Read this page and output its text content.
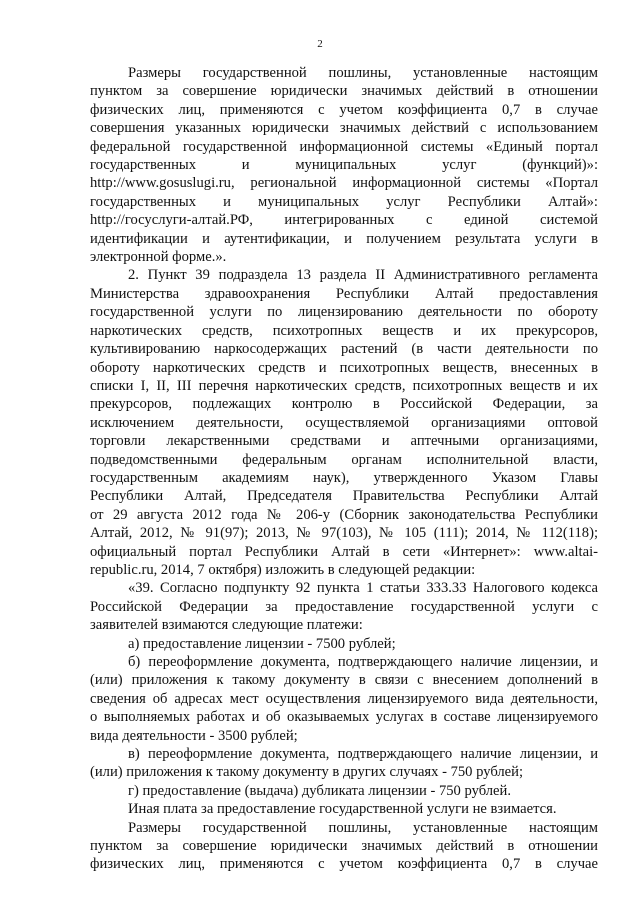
2

Размеры государственной пошлины, установленные настоящим

пунктом за совершение юридически значимых действий в отношении

физических лиц, применяются с учетом коэффициента 0,7 в случае

совершения указанных юридически значимых действий с использованием

федеральной государственной информационной системы «Единый портал

государственных и муниципальных услуг (функций)»:

http://www.gosuslugi.ru, региональной информационной системы «Портал

государственных и муниципальных услуг Республики Алтай»:

http://госуслуги-алтай.РФ, интегрированных с единой системой

идентификации и аутентификации, и получением результата услуги в

электронной форме.».

2. Пункт 39 подраздела 13 раздела II Административного регламента

Министерства здравоохранения Республики Алтай предоставления

государственной услуги по лицензированию деятельности по обороту

наркотических средств, психотропных веществ и их прекурсоров,

культивированию наркосодержащих растений (в части деятельности по

обороту наркотических средств и психотропных веществ, внесенных в

списки I, II, III перечня наркотических средств, психотропных веществ и их

прекурсоров, подлежащих контролю в Российской Федерации, за

исключением деятельности, осуществляемой организациями оптовой

торговли лекарственными средствами и аптечными организациями,

подведомственными федеральным органам исполнительной власти,

государственным академиям наук), утвержденного Указом Главы

Республики Алтай, Председателя Правительства Республики Алтай

от 29 августа 2012 года № 206-у (Сборник законодательства Республики

Алтай, 2012, № 91(97); 2013, № 97(103), № 105 (111); 2014, № 112(118);

официальный портал Республики Алтай в сети «Интернет»: www.altai-

republic.ru, 2014, 7 октября) изложить в следующей редакции:

«39. Согласно подпункту 92 пункта 1 статьи 333.33 Налогового кодекса

Российской Федерации за предоставление государственной услуги с

заявителей взимаются следующие платежи:

а) предоставление лицензии - 7500 рублей;

б) переоформление документа, подтверждающего наличие лицензии, и

(или) приложения к такому документу в связи с внесением дополнений в

сведения об адресах мест осуществления лицензируемого вида деятельности,

о выполняемых работах и об оказываемых услугах в составе лицензируемого

вида деятельности - 3500 рублей;

в) переоформление документа, подтверждающего наличие лицензии, и

(или) приложения к такому документу в других случаях - 750 рублей;

г) предоставление (выдача) дубликата лицензии - 750 рублей.

Иная плата за предоставление государственной услуги не взимается.

Размеры государственной пошлины, установленные настоящим

пунктом за совершение юридически значимых действий в отношении

физических лиц, применяются с учетом коэффициента 0,7 в случае
